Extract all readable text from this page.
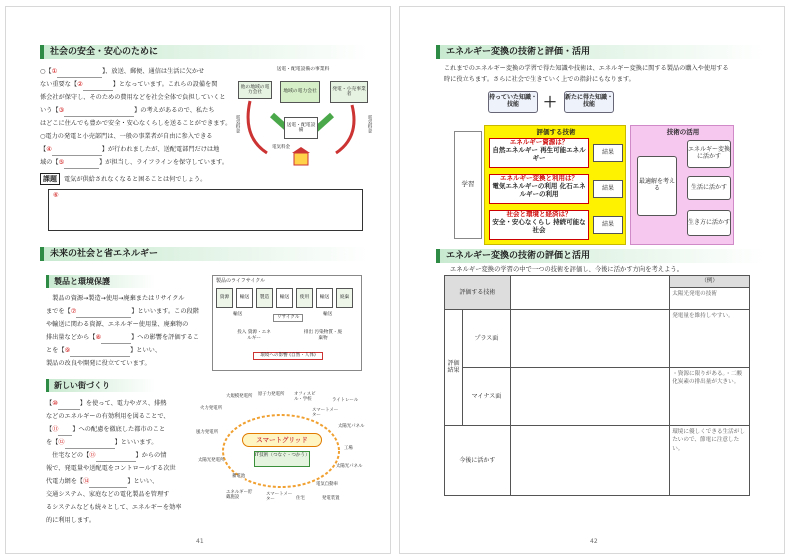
社会の安全・安心のために
○【①	】、放送、郵便、通信は生活に欠かせ
ない重要な【②	】となっています。これらの設備を関
係会社が保守し、そのための費用などを社会全体で負担していくと
いう【③	】の考えがあるので、私たち
はどこに住んでも豊かで安全・安心なくらしを送ることができます。
○電力の発電と小売部門は、一般の事業者が自由に参入できる
【④	】が行われましたが、送配電部門だけは地
域の【⑤	】が担当し、ライフラインを保守しています。
送電・配電設備の事業料
他の地域の電力会社	地域の電力会社
発電・小売事業者
送電・配電設備
電気料金
電気料金
電気料金
課題 電気が供給されなくなると困ることは何でしょう。
⑥
未来の社会と省エネルギー
製品と環境保護
　製品の資源→製造→使用→廃棄またはリサイクル
までを【⑦	】といいます。この段階
や輸送に関わる資源、エネルギー使用量、廃棄物の
排出量などから【⑧	】への影響を評価するこ
とを【⑨	】といい、
製品の改良や開発に役立てています。
製品のライフサイクル
資源	輸送	製造	輸送	使用	輸送	廃棄
輸送
リサイクル
輸送
投入 資源・エネルギー
排出 汚染物質・廃棄物
環境への影響 (自然・人体)
新しい街づくり
【⑩	】を使って、電力やガス、排熱
などのエネルギーの有効利用を図ることで、
【⑪ 】への配慮を徹底した都市のこと
を【⑫	】といいます。
　住宅などの【⑬	】からの情
報で、発電量や送配電をコントロールする次世
代電力網を【⑭	】といい、
交通システム、家庭などの電化製品を管理す
るシステムなども続々として、エネルギーを効率
的に利用します。
スマートグリッド
IT技術（つなぐ・つかう）
火力発電所
大規模発電所 原子力発電所 オフィスビル・学校	ライトレール
風力発電所
太陽光パネル
スマートメーター
工場
太陽光発電所
蓄電池
太陽光パネル
電気自動車
エネルギー貯蔵施設
スマートメーター	住宅	発電装置
41
エネルギー変換の技術と評価・活用
これまでのエネルギー変換の学習で得た知識や技術は、エネルギー変換に関する製品の購入や使用する
時に役立ちます。さらに社会で生きていく上での指針にもなります。
持っていた知識・技能	＋ 新たに得た知識・技能
学習
評価する技術
エネルギー資源は？
自然エネルギー 再生可能エネルギー
エネルギー変換と利用は？
電気エネルギーの利用 化石エネルギーの利用
社会と環境と経済は？
安全・安心なくらし 持続可能な社会
結果
結果
結果
技術の活用
最適解を考える
エネルギー変換に活かす
生活に活かす
生き方に活かす
エネルギー変換の技術の評価と活用
エネルギー変換の学習の中で一つの技術を評価し、今後に活かす方向を考えよう。
評価する技術			（例）
			太陽光発電の技術
評価結果	プラス面		発電量を維持しやすい。
	マイナス面		・資源に限りがある。・二酸化炭素の排出量が大きい。
今後に活かす			環境に優しくできる生活がしたいので、節電に注意したい。
42
